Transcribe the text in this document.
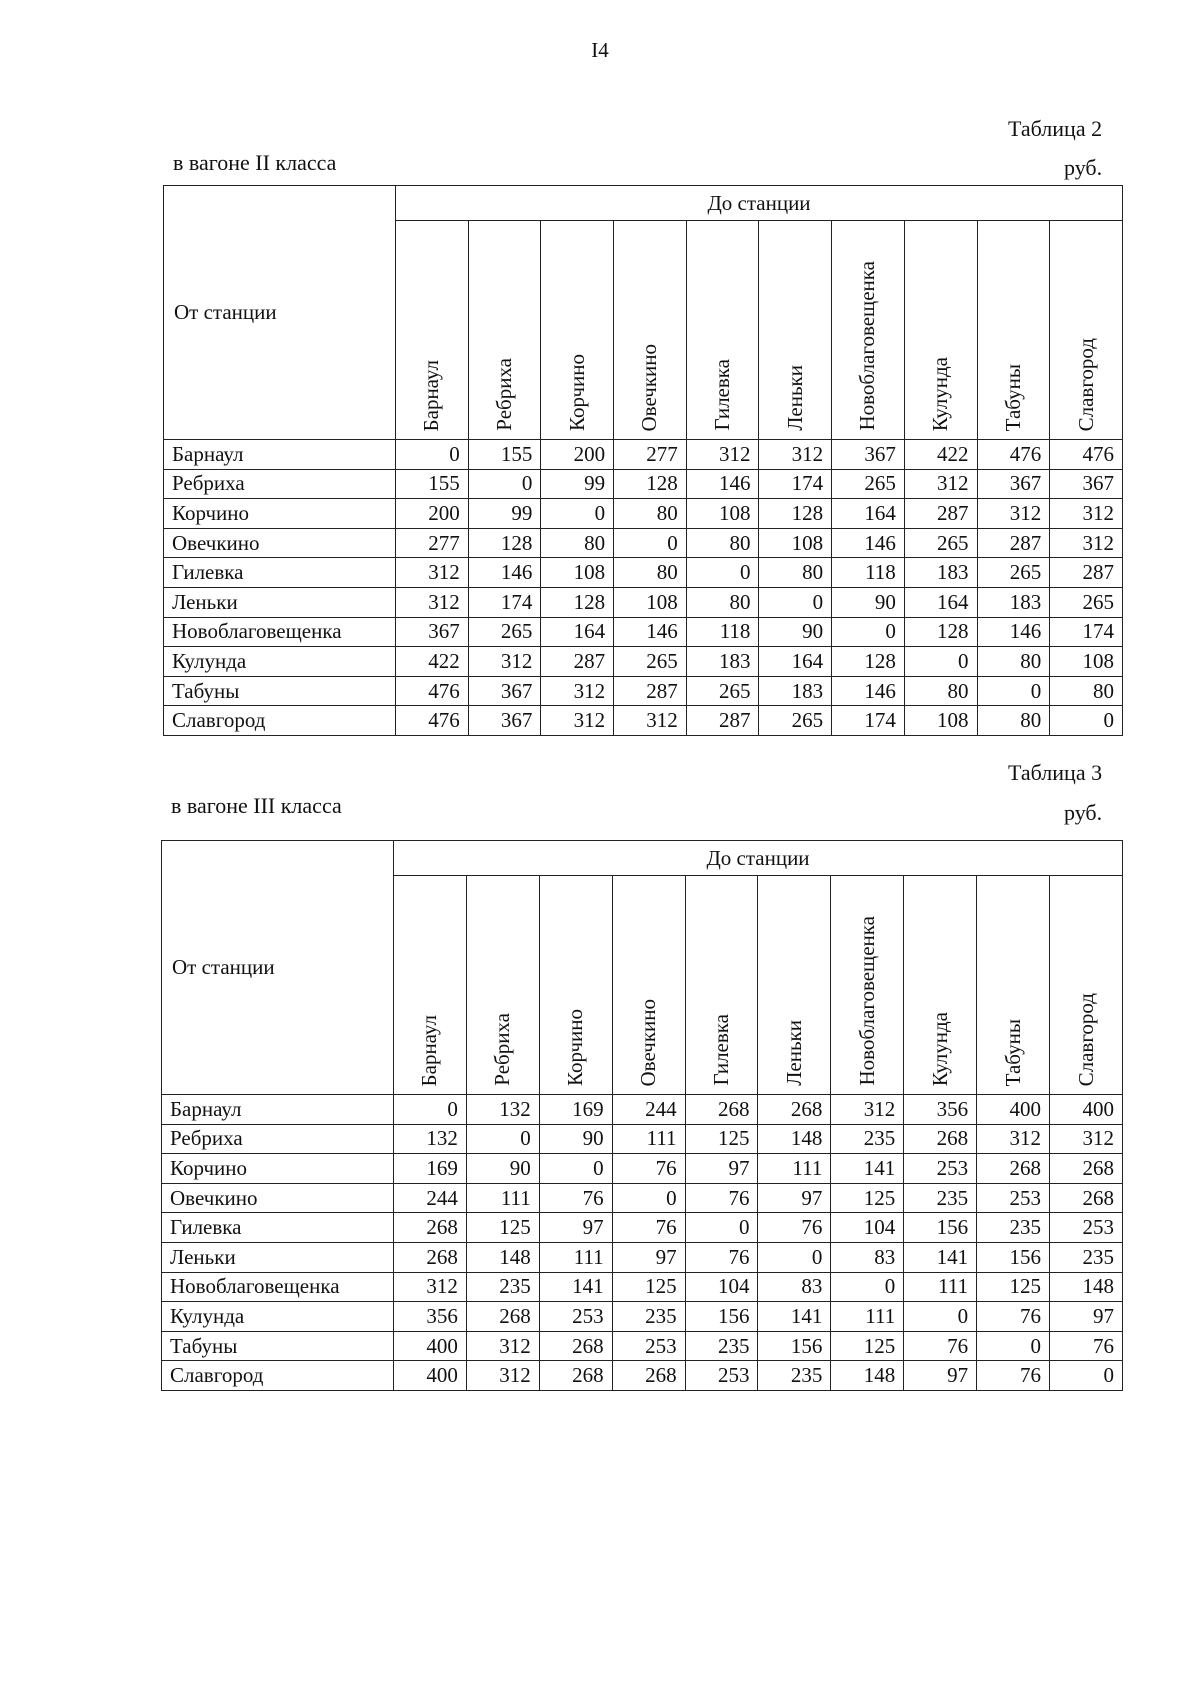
I4
Таблица 2
в вагоне II класса	руб.
От станции	До станции									

	Барнаул	Ребриха	Корчино	Овечкино	Гилевка	Леньки	Новоблаговещенка	Кулунда	Табуны	Славгород

Барнаул	0	155	200	277	312	312	367	422	476	476
Ребриха	155	0	99	128	146	174	265	312	367	367
Корчино	200	99	0	80	108	128	164	287	312	312
Овечкино	277	128	80	0	80	108	146	265	287	312
Гилевка	312	146	108	80	0	80	118	183	265	287
Леньки	312	174	128	108	80	0	90	164	183	265
Новоблаговещенка	367	265	164	146	118	90	0	128	146	174
Кулунда	422	312	287	265	183	164	128	0	80	108
Табуны	476	367	312	287	265	183	146	80	0	80
Славгород	476	367	312	312	287	265	174	108	80	0
Таблица 3
в вагоне III класса	руб.
От станции	До станции									

	Барнаул	Ребриха	Корчино	Овечкино	Гилевка	Леньки	Новоблаговещенка	Кулунда	Табуны	Славгород

Барнаул	0	132	169	244	268	268	312	356	400	400
Ребриха	132	0	90	111	125	148	235	268	312	312
Корчино	169	90	0	76	97	111	141	253	268	268
Овечкино	244	111	76	0	76	97	125	235	253	268
Гилевка	268	125	97	76	0	76	104	156	235	253
Леньки	268	148	111	97	76	0	83	141	156	235
Новоблаговещенка	312	235	141	125	104	83	0	111	125	148
Кулунда	356	268	253	235	156	141	111	0	76	97
Табуны	400	312	268	253	235	156	125	76	0	76
Славгород	400	312	268	268	253	235	148	97	76	0
